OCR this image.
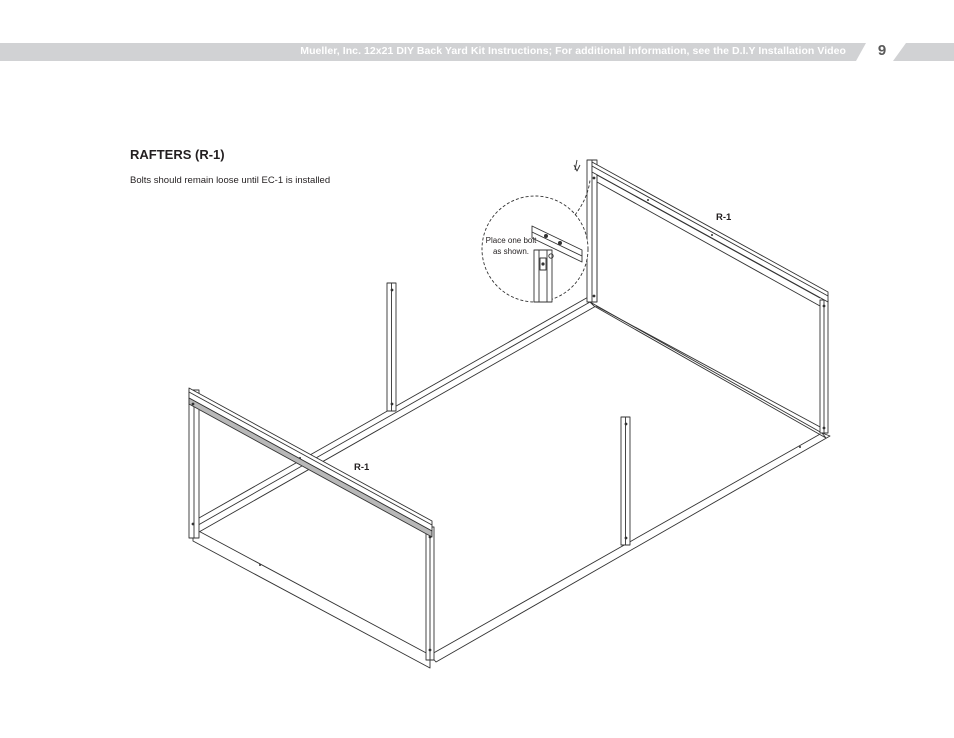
Mueller, Inc. 12x21 DIY Back Yard Kit Instructions; For additional information, see the D.I.Y Installation Video	9
RAFTERS (R-1)
Bolts should remain loose until EC-1 is installed
Place one bolt as shown.
R-1
R-1
